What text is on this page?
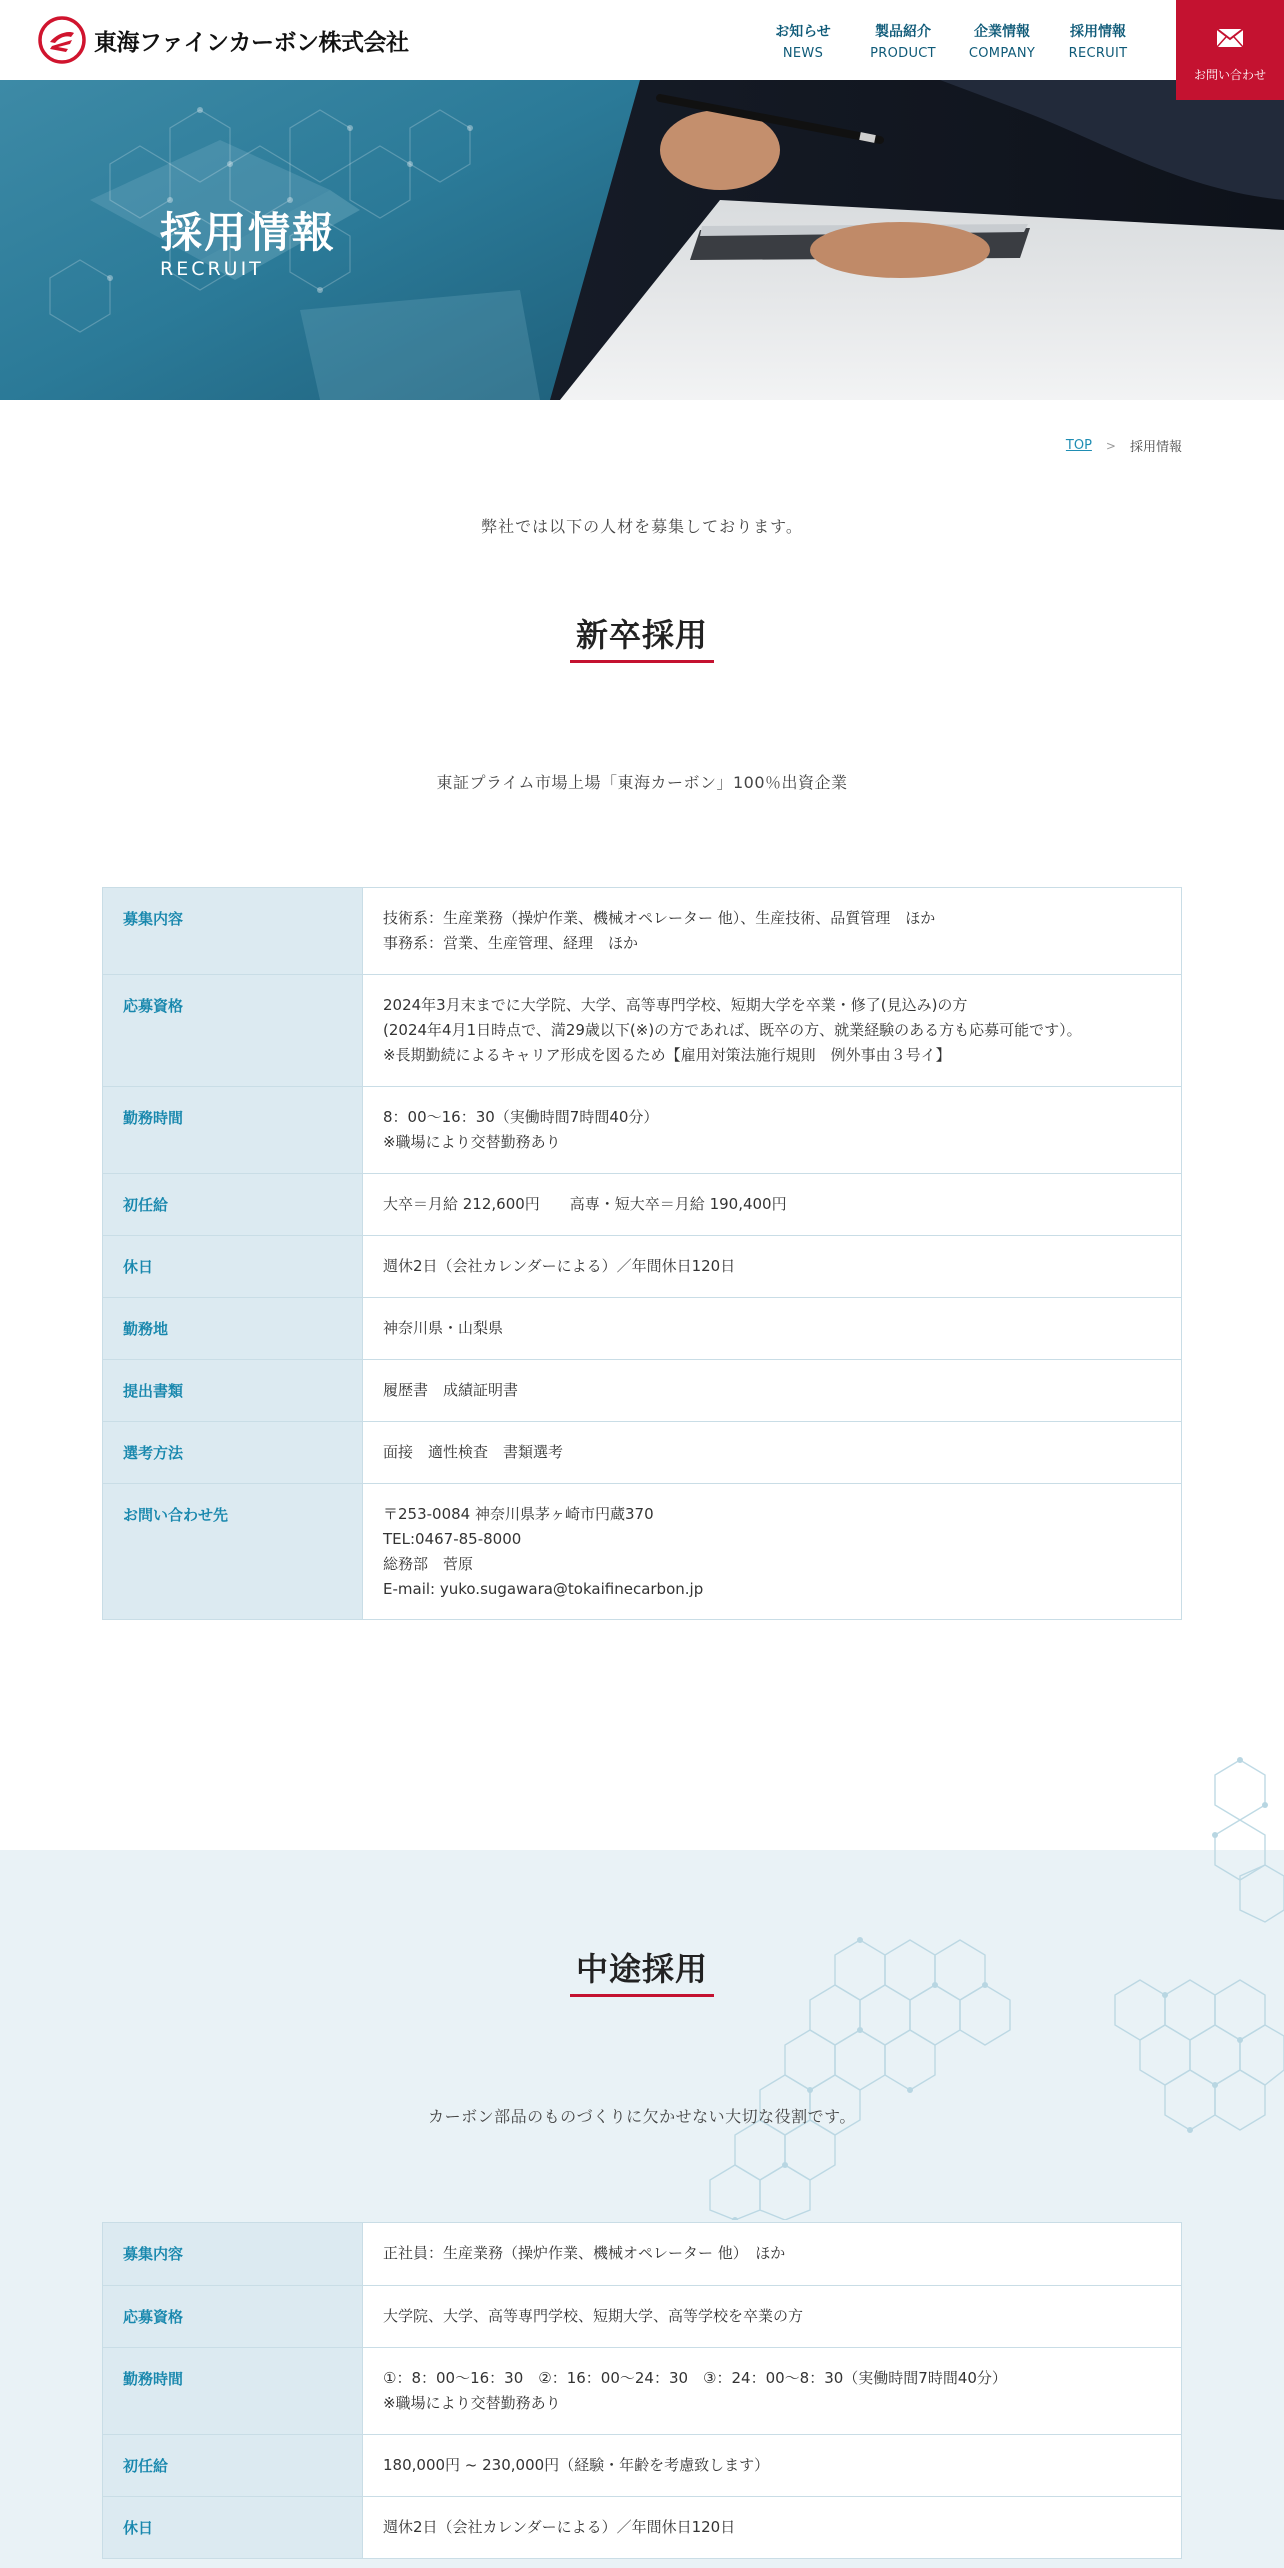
東海ファインカーボン株式会社	お知らせ
NEWS
製品紹介
PRODUCT
企業情報
COMPANY
採用情報
RECRUIT
お問い合わせ
採用情報
RECRUIT
TOP > 採用情報
弊社では以下の人材を募集しております。
新卒採用
東証プライム市場上場「東海カーボン」100％出資企業
募集内容	技術系：生産業務（操炉作業、機械オペレーター 他）、生産技術、品質管理　ほか
事務系：営業、生産管理、経理　ほか
応募資格	2024年3月末までに大学院、大学、高等専門学校、短期大学を卒業・修了(見込み)の方
(2024年4月1日時点で、満29歳以下(※)の方であれば、既卒の方、就業経験のある方も応募可能です）。
※長期勤続によるキャリア形成を図るため【雇用対策法施行規則　例外事由３号イ】
勤務時間	8：00〜16：30（実働時間7時間40分）
※職場により交替勤務あり
初任給	大卒＝月給 212,600円　　高専・短大卒＝月給 190,400円
休日	週休2日（会社カレンダーによる）／年間休日120日
勤務地	神奈川県・山梨県
提出書類	履歴書　成績証明書
選考方法	面接　適性検査　書類選考
お問い合わせ先	〒253-0084 神奈川県茅ヶ崎市円蔵370
TEL:0467-85-8000
総務部　菅原
E-mail: yuko.sugawara@tokaifinecarbon.jp
中途採用
カーボン部品のものづくりに欠かせない大切な役割です。
募集内容	正社員：生産業務（操炉作業、機械オペレーター 他）　ほか
応募資格	大学院、大学、高等専門学校、短期大学、高等学校を卒業の方
勤務時間	①：8：00〜16：30　②：16：00〜24：30　③：24：00〜8：30（実働時間7時間40分）
※職場により交替勤務あり
初任給	180,000円 ~ 230,000円（経験・年齢を考慮致します）
休日	週休2日（会社カレンダーによる）／年間休日120日
